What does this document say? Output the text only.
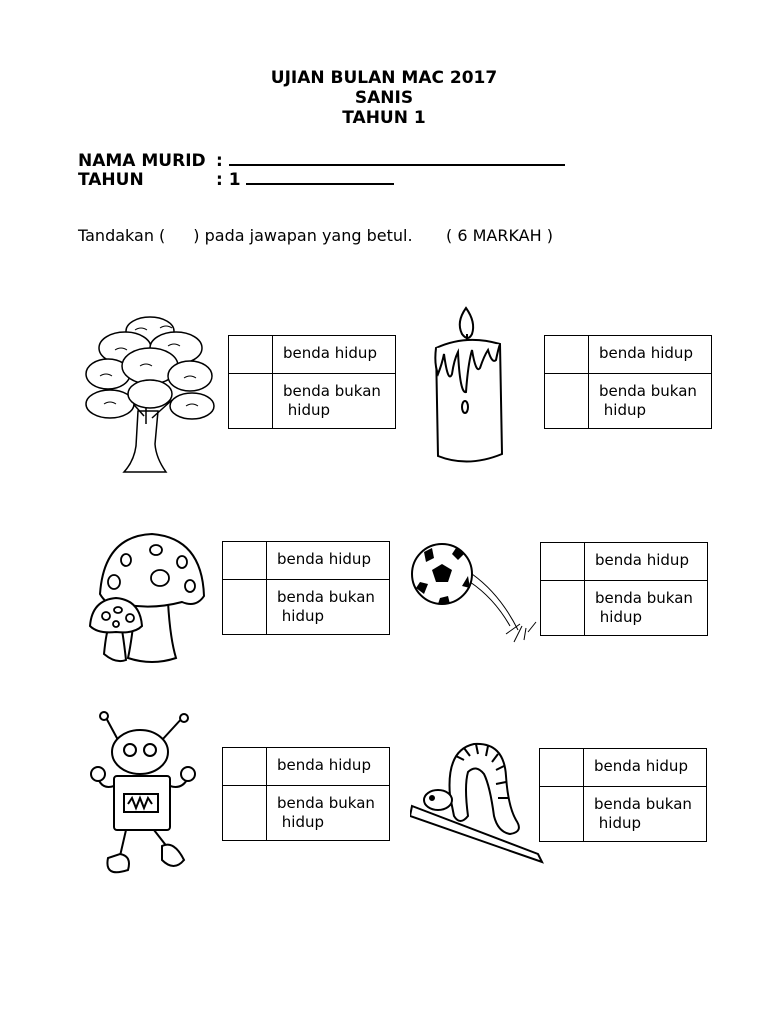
UJIAN BULAN MAC 2017
SANIS
TAHUN 1
NAMA MURID :
TAHUN	: 1
Tandakan ( ) pada jawapan yang betul. ( 6 MARKAH )
benda hidup
benda bukan
hidup
benda hidup
benda bukan
hidup
benda hidup
benda bukan
hidup
benda hidup
benda bukan
hidup
benda hidup
benda bukan
hidup
benda hidup
benda bukan
hidup
